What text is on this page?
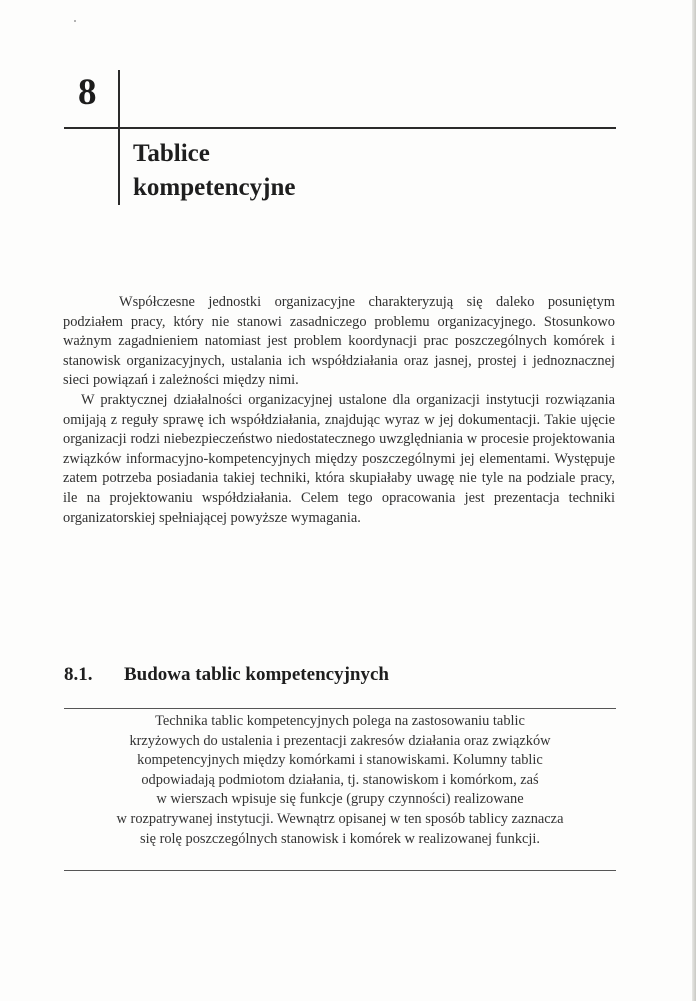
8
Tablice
kompetencyjne

Współczesne jednostki organizacyjne charakteryzują się daleko posuniętym podziałem pracy, który nie stanowi zasadniczego problemu organizacyjnego. Stosunkowo ważnym zagadnieniem natomiast jest problem koordynacji prac poszczególnych komórek i stanowisk organizacyjnych, ustalania ich współdziałania oraz jasnej, prostej i jednoznacznej sieci powiązań i zależności między nimi.

W praktycznej działalności organizacyjnej ustalone dla organizacji instytucji rozwiązania omijają z reguły sprawę ich współdziałania, znajdując wyraz w jej dokumentacji. Takie ujęcie organizacji rodzi niebezpieczeństwo niedostatecznego uwzględniania w procesie projektowania związków informacyjno-kompetencyjnych między poszczególnymi jej elementami. Występuje zatem potrzeba posiadania takiej techniki, która skupiałaby uwagę nie tyle na podziale pracy, ile na projektowaniu współdziałania. Celem tego opracowania jest prezentacja techniki organizatorskiej spełniającej powyższe wymagania.

8.1. Budowa tablic kompetencyjnych
Technika tablic kompetencyjnych polega na zastosowaniu tablic
krzyżowych do ustalenia i prezentacji zakresów działania oraz związków
kompetencyjnych między komórkami i stanowiskami. Kolumny tablic
odpowiadają podmiotom działania, tj. stanowiskom i komórkom, zaś
w wierszach wpisuje się funkcje (grupy czynności) realizowane
w rozpatrywanej instytucji. Wewnątrz opisanej w ten sposób tablicy zaznacza
się rolę poszczególnych stanowisk i komórek w realizowanej funkcji.
